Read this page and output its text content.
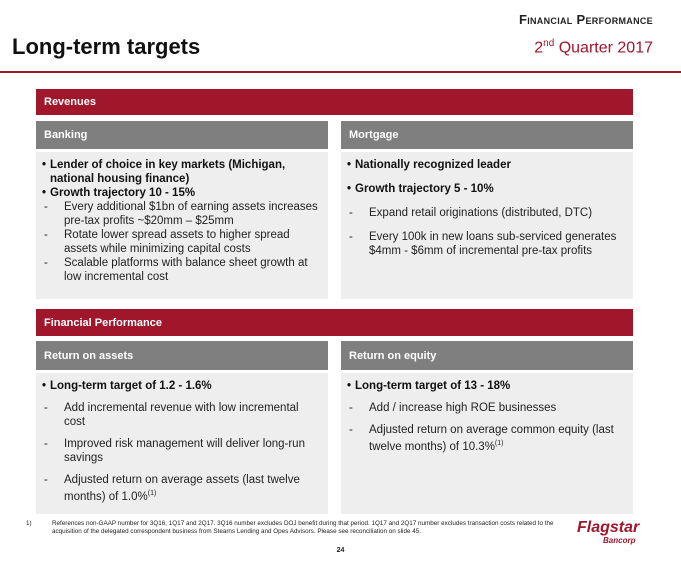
Financial Performance
Long-term targets	2nd Quarter 2017
Revenues
Banking
• Lender of choice in key markets (Michigan, national housing finance)
• Growth trajectory 10 - 15%
-	Every additional $1bn of earning assets increases pre-tax profits ~$20mm – $25mm
-	Rotate lower spread assets to higher spread assets while minimizing capital costs
-	Scalable platforms with balance sheet growth at low incremental cost
Mortgage
• Nationally recognized leader
• Growth trajectory 5 - 10%
-	Expand retail originations (distributed, DTC)
-	Every 100k in new loans sub-serviced generates $4mm - $6mm of incremental pre-tax profits
Financial Performance
Return on assets
• Long-term target of 1.2 - 1.6%
-	Add incremental revenue with low incremental cost
-	Improved risk management will deliver long-run savings
-	Adjusted return on average assets (last twelve months) of 1.0%$^{(1)}$
Return on equity
• Long-term target of 13 - 18%
-	Add / increase high ROE businesses
-	Adjusted return on average common equity (last twelve months) of 10.3%$^{(1)}$
1)	References non-GAAP number for 3Q16, 1Q17 and 2Q17. 3Q16 number excludes DOJ benefit during that period. 1Q17 and 2Q17 number excludes transaction costs related to the acquisition of the delegated correspondent business from Stearns Lending and Opes Advisors. Please see reconciliation on slide 45.
24
Flagstar
Bancorp
